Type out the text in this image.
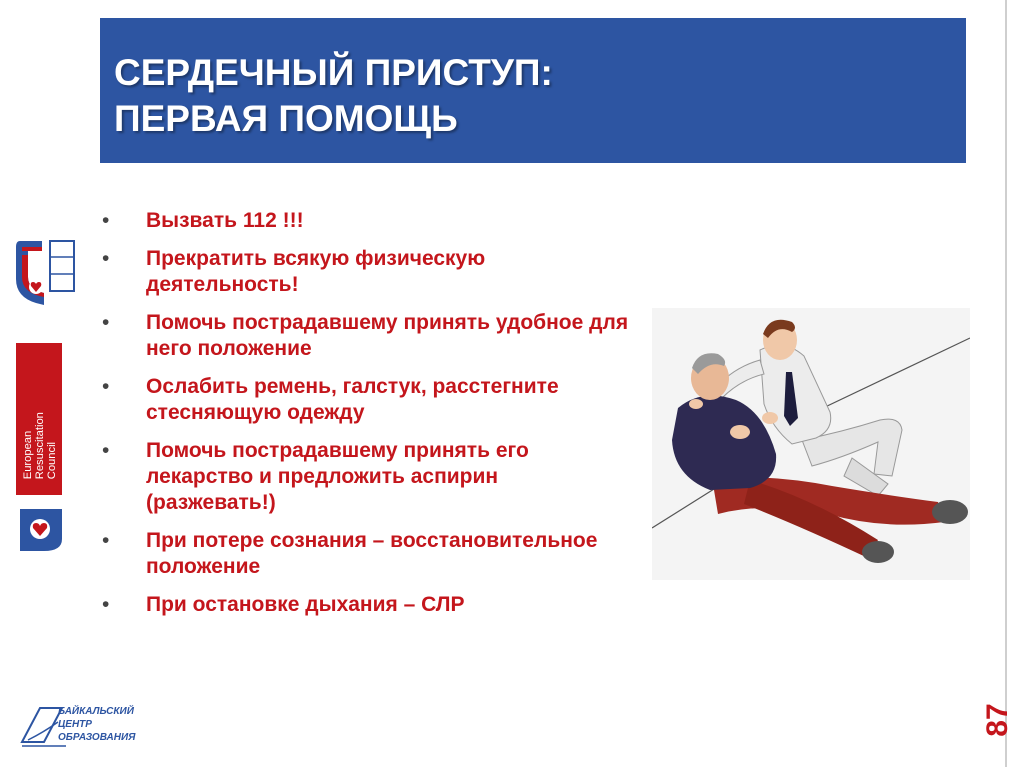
СЕРДЕЧНЫЙ ПРИСТУП:
ПЕРВАЯ ПОМОЩЬ
87
European Resuscitation Council
• Вызвать 112 !!!
• Прекратить всякую физическую деятельность!
• Помочь пострадавшему принять удобное для него положение
• Ослабить ремень, галстук, расстегните стесняющую одежду
• Помочь пострадавшему принять его лекарство и предложить аспирин (разжевать!)
• При потере сознания – восстановительное положение
• При остановке дыхания – СЛР
БАЙКАЛЬСКИЙ
ЦЕНТР
ОБРАЗОВАНИЯ
